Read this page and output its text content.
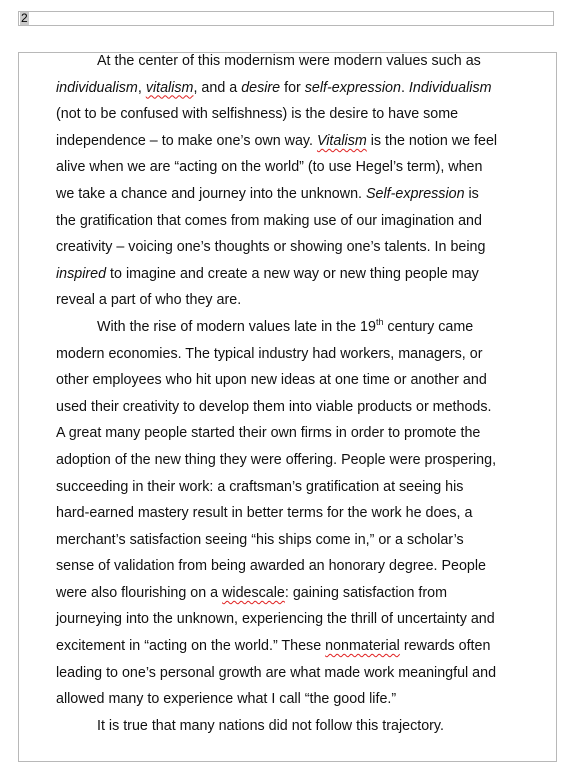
2
At the center of this modernism were modern values such as
individualism, vitalism, and a desire for self-expression. Individualism
(not to be confused with selfishness) is the desire to have some
independence – to make one’s own way. Vitalism is the notion we feel
alive when we are “acting on the world” (to use Hegel’s term), when
we take a chance and journey into the unknown. Self-expression is
the gratification that comes from making use of our imagination and
creativity – voicing one’s thoughts or showing one’s talents. In being
inspired to imagine and create a new way or new thing people may
reveal a part of who they are.
With the rise of modern values late in the 19th century came
modern economies. The typical industry had workers, managers, or
other employees who hit upon new ideas at one time or another and
used their creativity to develop them into viable products or methods.
A great many people started their own firms in order to promote the
adoption of the new thing they were offering. People were prospering,
succeeding in their work: a craftsman’s gratification at seeing his
hard-earned mastery result in better terms for the work he does, a
merchant’s satisfaction seeing “his ships come in,” or a scholar’s
sense of validation from being awarded an honorary degree. People
were also flourishing on a widescale: gaining satisfaction from
journeying into the unknown, experiencing the thrill of uncertainty and
excitement in “acting on the world.” These nonmaterial rewards often
leading to one’s personal growth are what made work meaningful and
allowed many to experience what I call “the good life.”
It is true that many nations did not follow this trajectory.
